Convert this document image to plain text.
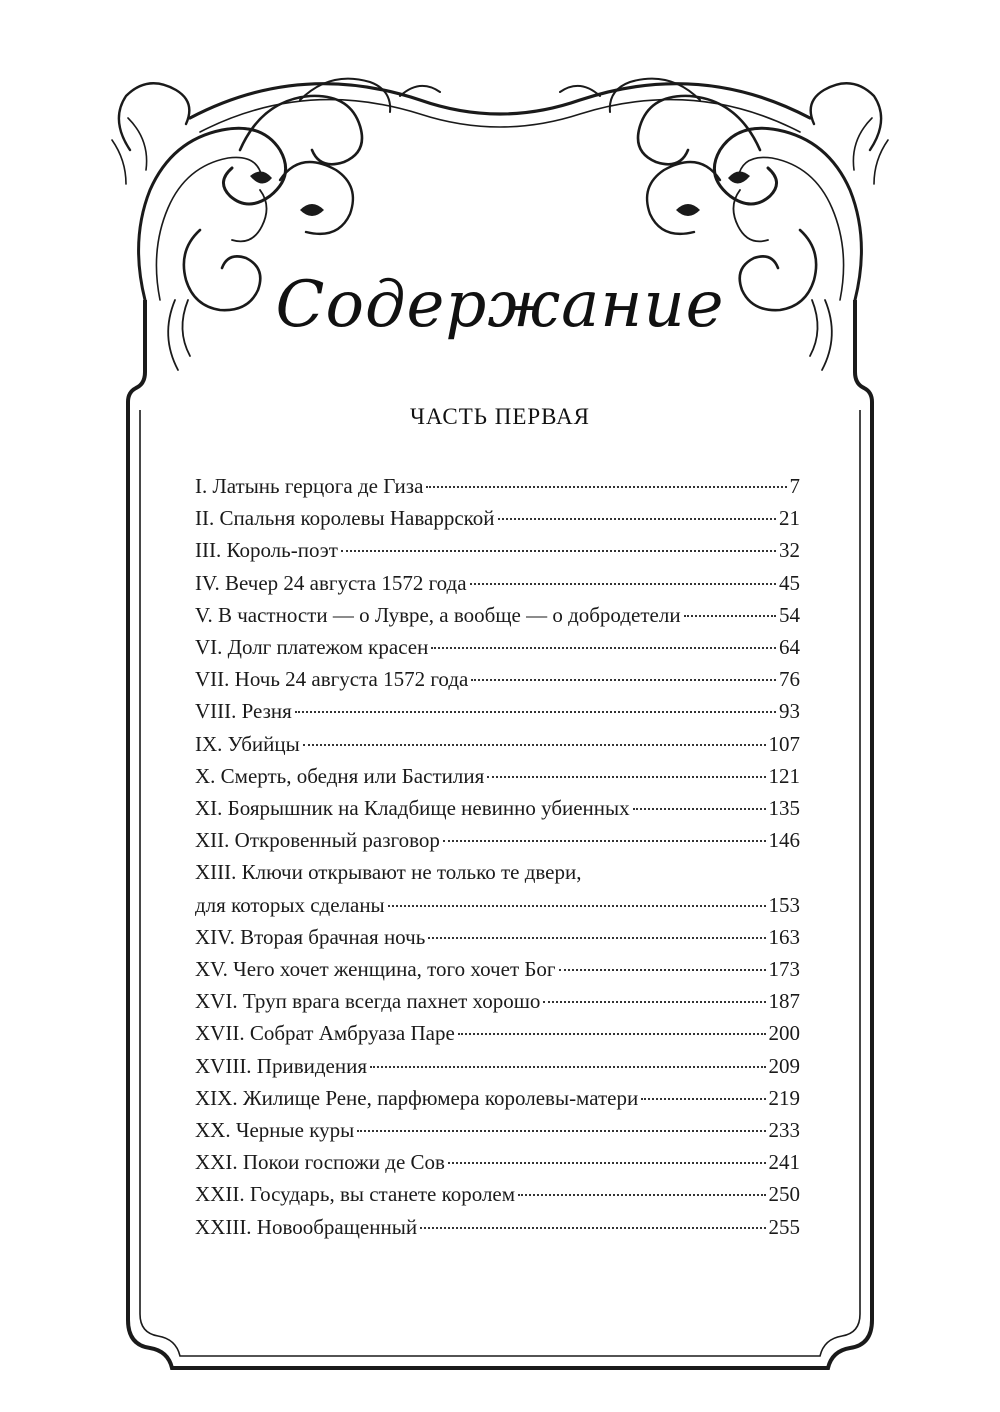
Содержание
ЧАСТЬ ПЕРВАЯ
I. Латынь герцога де Гиза	7
II. Спальня королевы Наваррской	21
III. Король-поэт	32
IV. Вечер 24 августа 1572 года	45
V. В частности — о Лувре, а вообще — о добродетели	54
VI. Долг платежом красен	64
VII. Ночь 24 августа 1572 года	76
VIII. Резня	93
IX. Убийцы	107
X. Смерть, обедня или Бастилия	121
XI. Боярышник на Кладбище невинно убиенных	135
XII. Откровенный разговор	146
XIII. Ключи открывают не только те двери,
для которых сделаны	153
XIV. Вторая брачная ночь	163
XV. Чего хочет женщина, того хочет Бог	173
XVI. Труп врага всегда пахнет хорошо	187
XVII. Собрат Амбруаза Паре	200
XVIII. Привидения	209
XIX. Жилище Рене, парфюмера королевы-матери	219
XX. Черные куры	233
XXI. Покои госпожи де Сов	241
XXII. Государь, вы станете королем	250
XXIII. Новообращенный	255
